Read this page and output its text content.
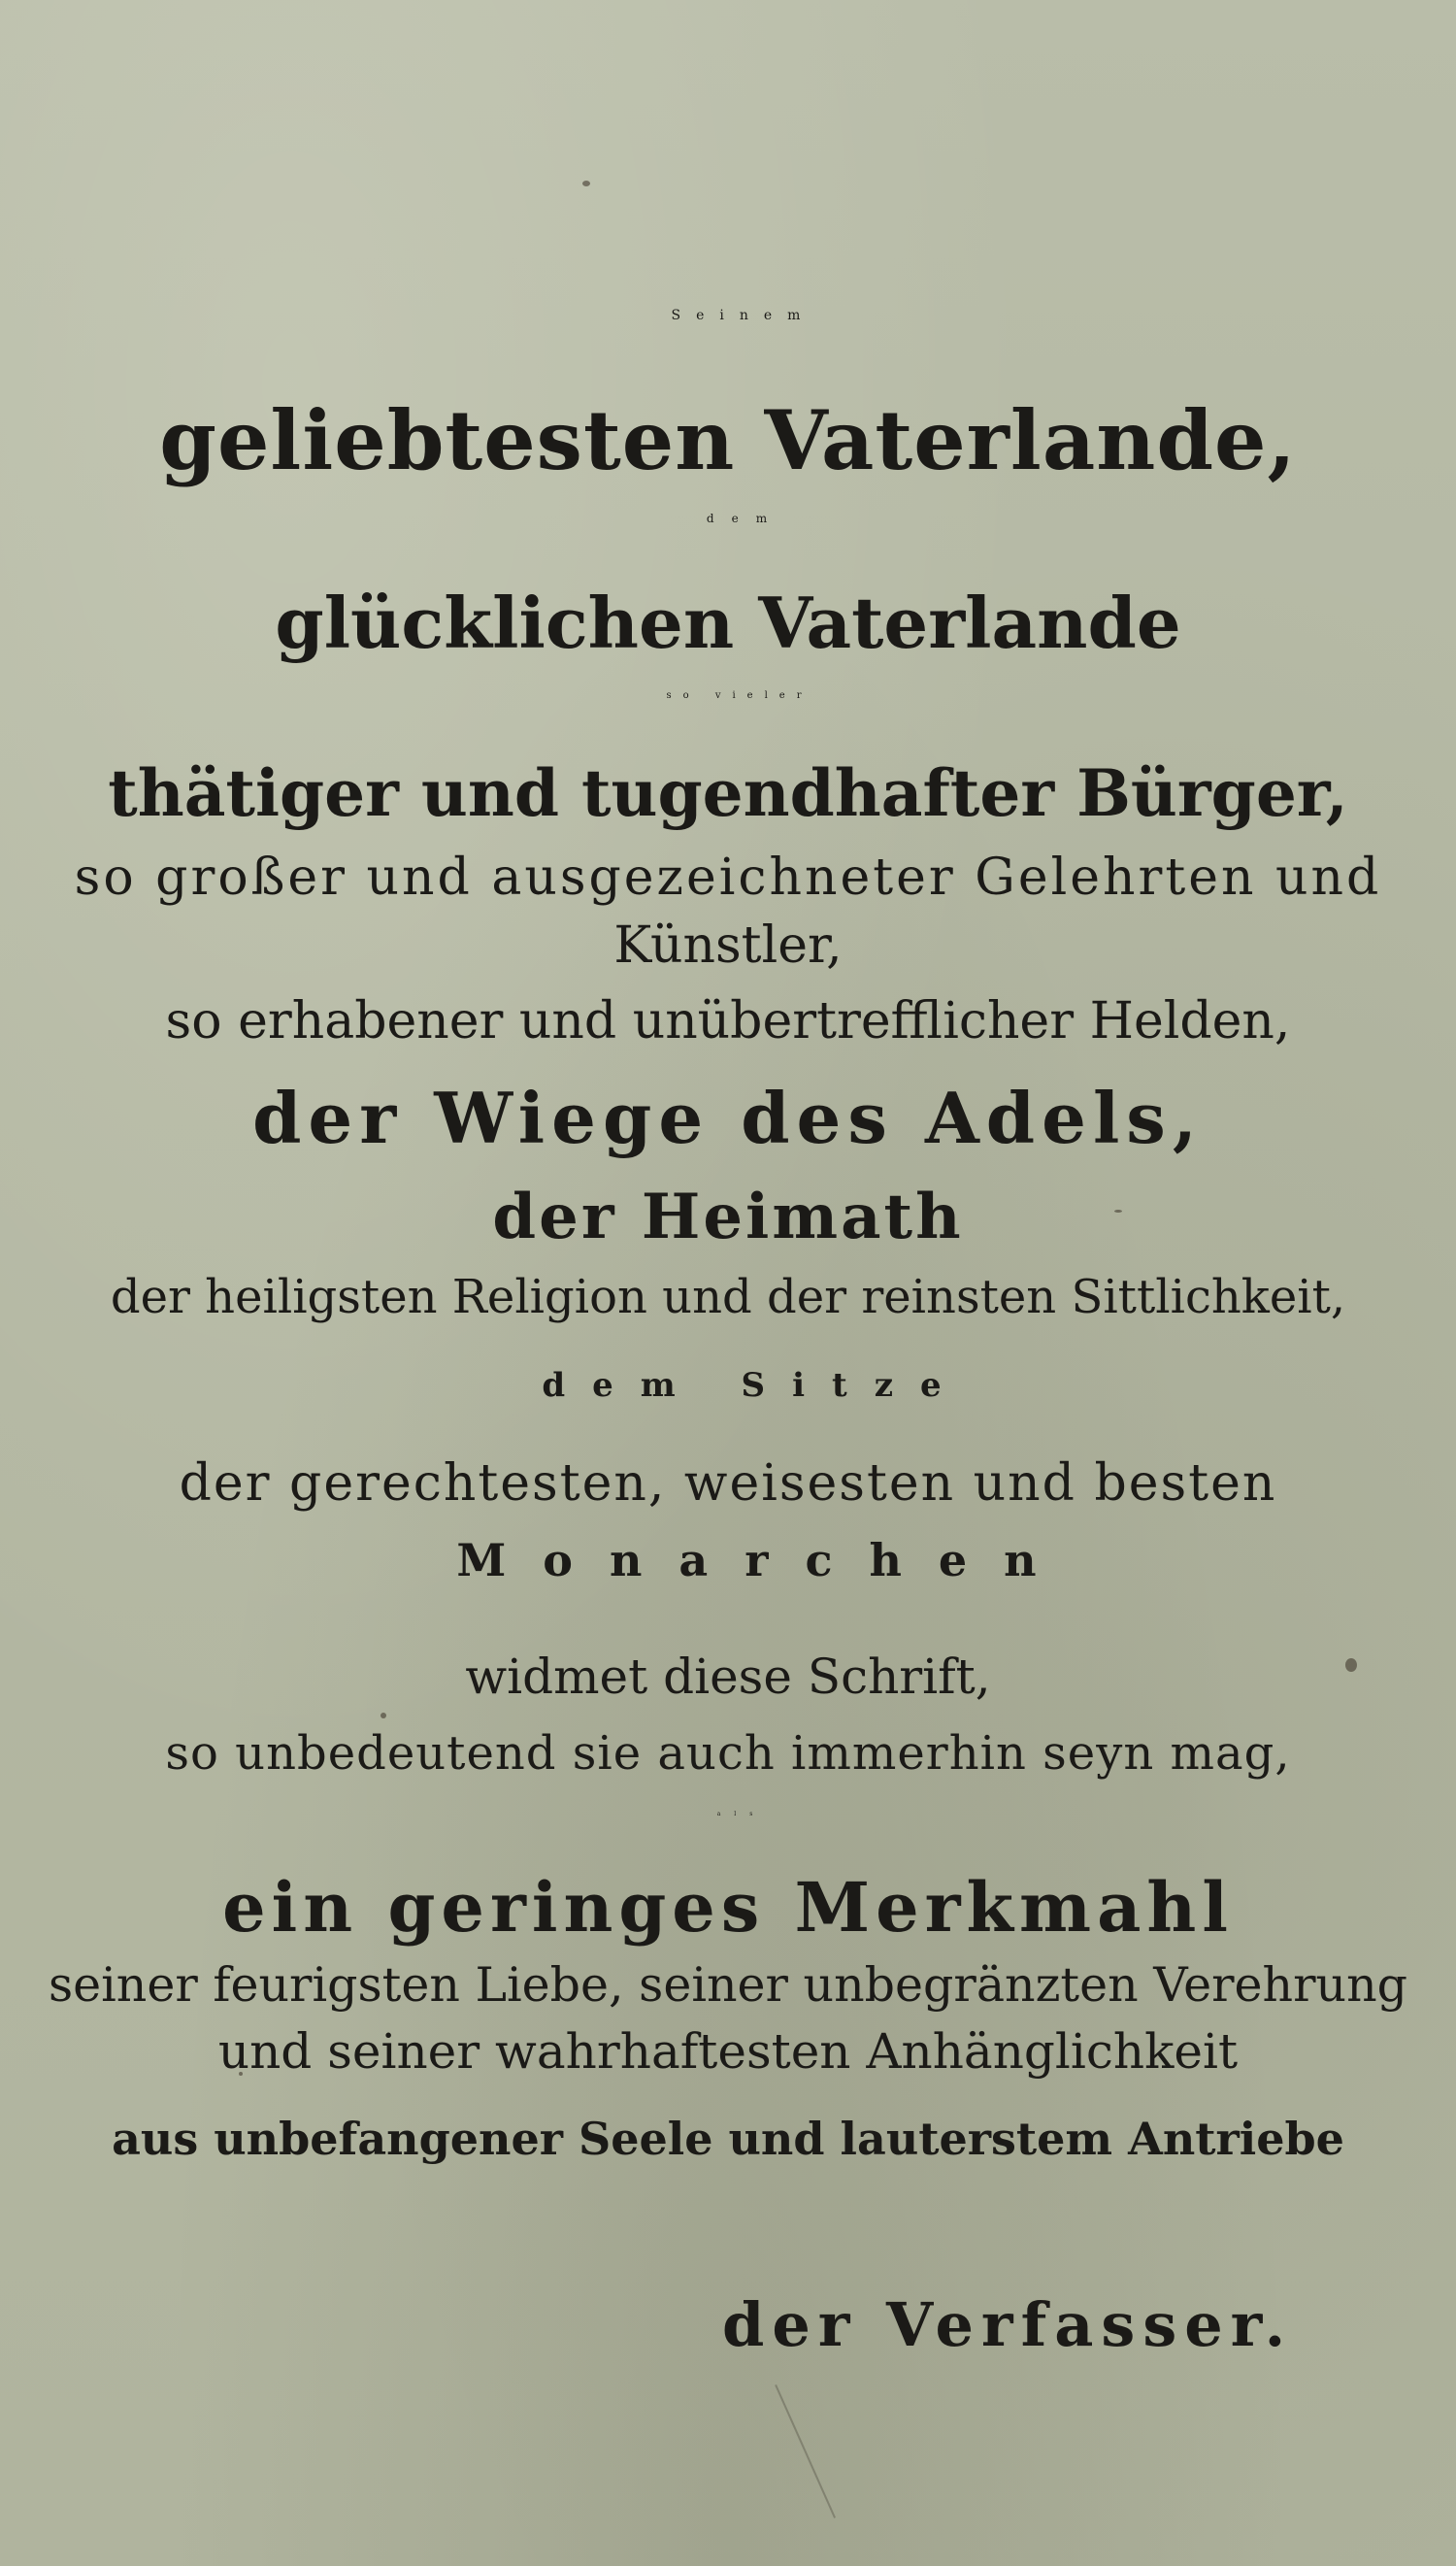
Seinem
geliebtesten Vaterlande,
dem
glücklichen Vaterlande
so vieler
thätiger und tugendhafter Bürger,
so großer und ausgezeichneter Gelehrten und
Künstler,
so erhabener und unübertrefflicher Helden,
der Wiege des Adels,
der Heimath
der heiligsten Religion und der reinsten Sittlichkeit,
dem Sitze
der gerechtesten, weisesten und besten
Monarchen
widmet diese Schrift,
so unbedeutend sie auch immerhin seyn mag,
als
ein geringes Merkmahl
seiner feurigsten Liebe, seiner unbegränzten Verehrung
und seiner wahrhaftesten Anhänglichkeit
aus unbefangener Seele und lauterstem Antriebe
der Verfasser.
